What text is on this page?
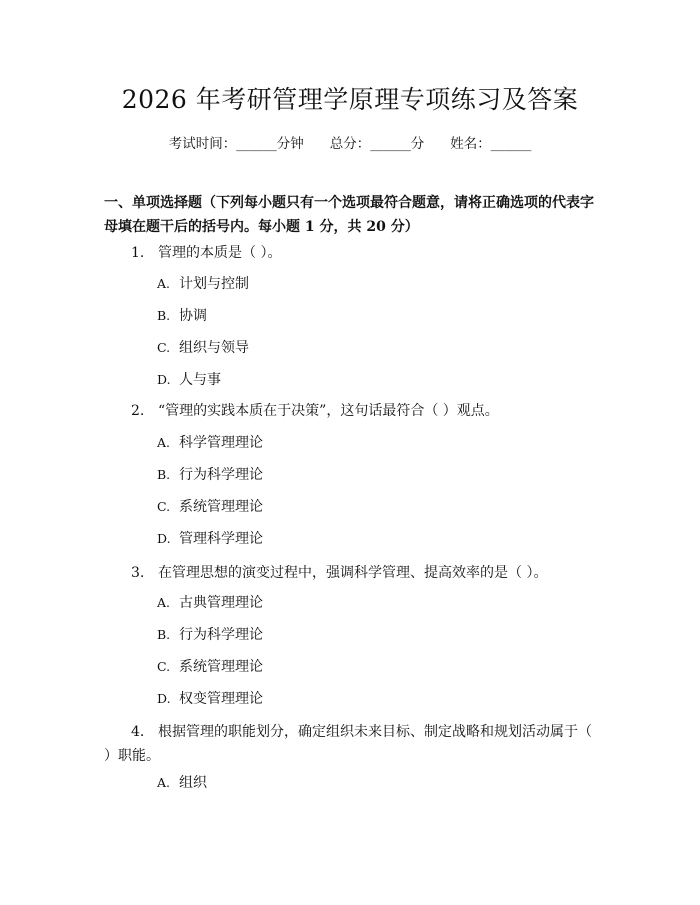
2026 年考研管理学原理专项练习及答案
考试时间：______分钟 总分：______分 姓名：______
一、单项选择题（下列每小题只有一个选项最符合题意，请将正确选项的代表字母填在题干后的括号内。每小题 1 分，共 20 分）
1. 管理的本质是（ ）。
A. 计划与控制
B. 协调
C. 组织与领导
D. 人与事
2. “管理的实践本质在于决策”，这句话最符合（ ）观点。
A. 科学管理理论
B. 行为科学理论
C. 系统管理理论
D. 管理科学理论
3. 在管理思想的演变过程中，强调科学管理、提高效率的是（ ）。
A. 古典管理理论
B. 行为科学理论
C. 系统管理理论
D. 权变管理理论
4. 根据管理的职能划分，确定组织未来目标、制定战略和规划活动属于（ ）职能。
A. 组织
